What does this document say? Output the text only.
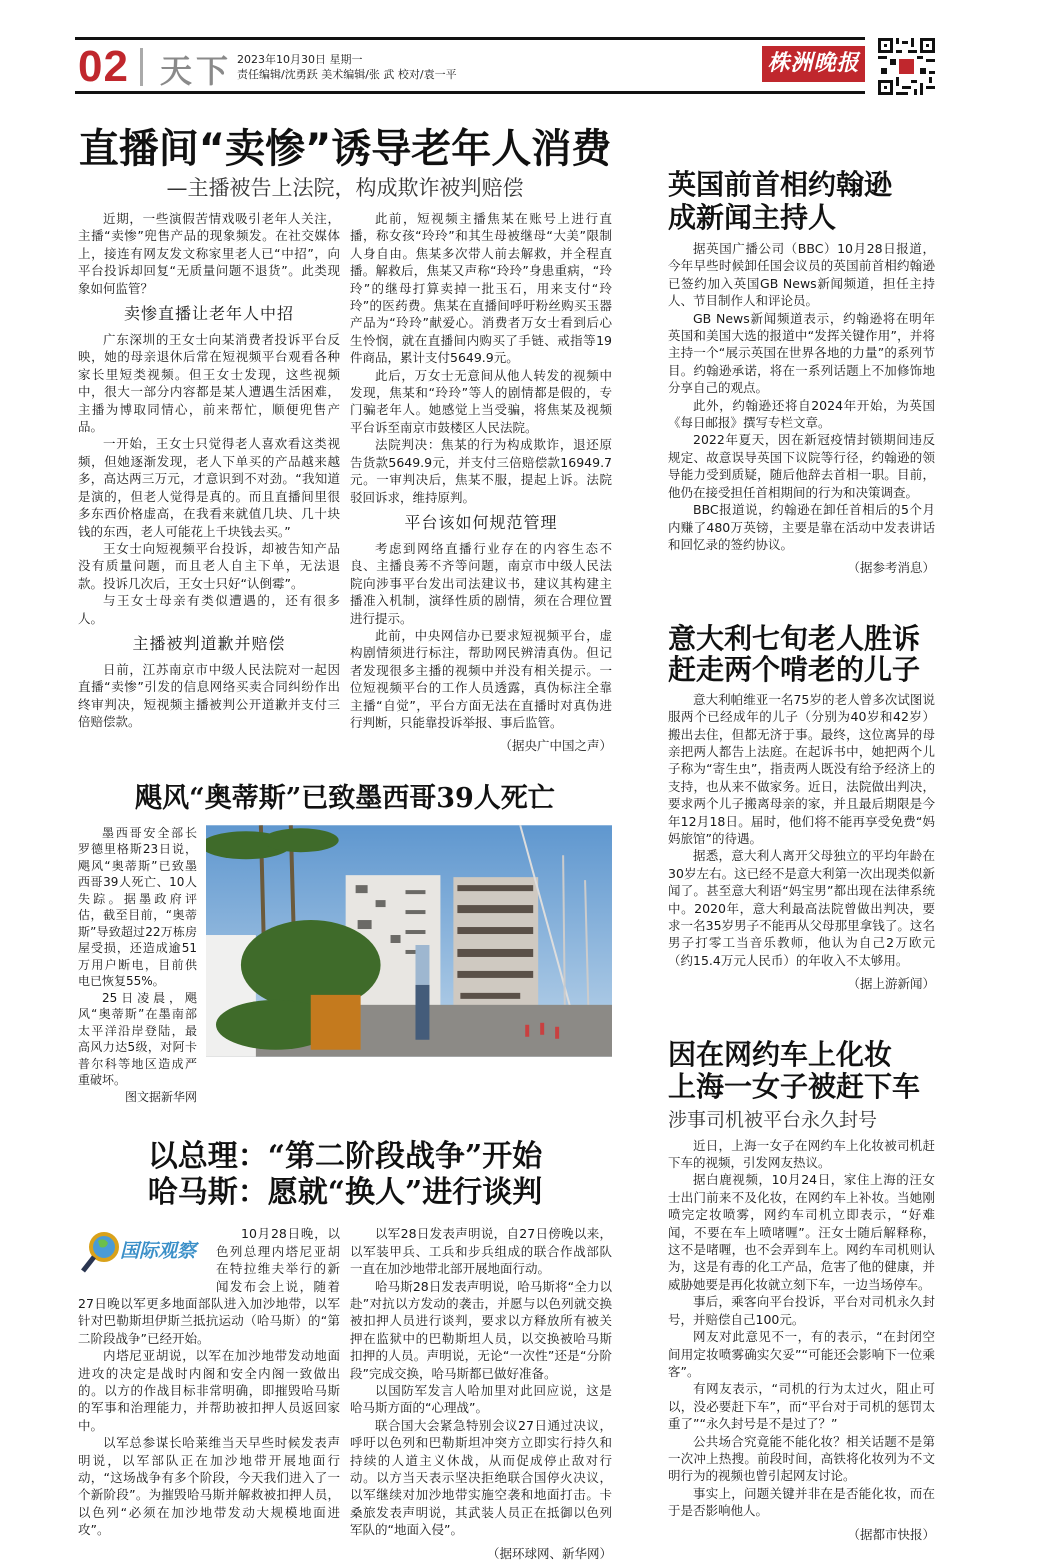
02 天下 2023年10月30日 星期一
责任编辑/沈勇跃 美术编辑/张 武 校对/袁一平	株洲晚报
直播间“卖惨”诱导老年人消费
—主播被告上法院，构成欺诈被判赔偿

近期，一些演假苦情戏吸引老年人关注，主播“卖惨”兜售产品的现象频发。在社交媒体上，接连有网友发文称家里老人已“中招”，向平台投诉却回复“无质量问题不退货”。此类现象如何监管？

卖惨直播让老年人中招

广东深圳的王女士向某消费者投诉平台反映，她的母亲退休后常在短视频平台观看各种家长里短类视频。但王女士发现，这些视频中，很大一部分内容都是某人遭遇生活困难，主播为博取同情心，前来帮忙，顺便兜售产品。

一开始，王女士只觉得老人喜欢看这类视频，但她逐渐发现，老人下单买的产品越来越多，高达两三万元，才意识到不对劲。“我知道是演的，但老人觉得是真的。而且直播间里很多东西价格虚高，在我看来就值几块、几十块钱的东西，老人可能花上千块钱去买。”

王女士向短视频平台投诉，却被告知产品没有质量问题，而且老人自主下单，无法退款。投诉几次后，王女士只好“认倒霉”。

与王女士母亲有类似遭遇的，还有很多人。

主播被判道歉并赔偿

日前，江苏南京市中级人民法院对一起因直播“卖惨”引发的信息网络买卖合同纠纷作出终审判决，短视频主播被判公开道歉并支付三倍赔偿款。

此前，短视频主播焦某在账号上进行直播，称女孩“玲玲”和其生母被继母“大美”限制人身自由。焦某多次带人前去解救，并全程直播。解救后，焦某又声称“玲玲”身患重病，“玲玲”的继母打算卖掉一批玉石，用来支付“玲玲”的医药费。焦某在直播间呼吁粉丝购买玉器产品为“玲玲”献爱心。消费者万女士看到后心生怜悯，就在直播间内购买了手链、戒指等19件商品，累计支付5649.9元。

此后，万女士无意间从他人转发的视频中发现，焦某和“玲玲”等人的剧情都是假的，专门骗老年人。她感觉上当受骗，将焦某及视频平台诉至南京市鼓楼区人民法院。

法院判决：焦某的行为构成欺诈，退还原告货款5649.9元，并支付三倍赔偿款16949.7元。一审判决后，焦某不服，提起上诉。法院驳回诉求，维持原判。

平台该如何规范管理

考虑到网络直播行业存在的内容生态不良、主播良莠不齐等问题，南京市中级人民法院向涉事平台发出司法建议书，建议其构建主播准入机制，演绎性质的剧情，须在合理位置进行提示。

此前，中央网信办已要求短视频平台，虚构剧情须进行标注，帮助网民辨清真伪。但记者发现很多主播的视频中并没有相关提示。一位短视频平台的工作人员透露，真伪标注全靠主播“自觉”，平台方面无法在直播时对真伪进行判断，只能靠投诉举报、事后监管。

（据央广中国之声）
飓风“奥蒂斯”已致墨西哥39人死亡

墨西哥安全部长罗德里格斯23日说，飓风“奥蒂斯”已致墨西哥39人死亡、10人失踪。据墨政府评估，截至目前，“奥蒂斯”导致超过22万栋房屋受损，还造成逾51万用户断电，目前供电已恢复55%。

25日凌晨，飓风“奥蒂斯”在墨南部太平洋沿岸登陆，最高风力达5级，对阿卡普尔科等地区造成严重破坏。

图文据新华网
以总理：“第二阶段战争”开始
哈马斯：愿就“换人”进行谈判
国际观察

10月28日晚，以色列总理内塔尼亚胡在特拉维夫举行的新闻发布会上说，随着27日晚以军更多地面部队进入加沙地带，以军针对巴勒斯坦伊斯兰抵抗运动（哈马斯）的“第二阶段战争”已经开始。

内塔尼亚胡说，以军在加沙地带发动地面进攻的决定是战时内阁和安全内阁一致做出的。以方的作战目标非常明确，即摧毁哈马斯的军事和治理能力，并帮助被扣押人员返回家中。

以军总参谋长哈莱维当天早些时候发表声明说，以军部队正在加沙地带开展地面行动，“这场战争有多个阶段，今天我们进入了一个新阶段”。为摧毁哈马斯并解救被扣押人员，以色列“必须在加沙地带发动大规模地面进攻”。

以军28日发表声明说，自27日傍晚以来，以军装甲兵、工兵和步兵组成的联合作战部队一直在加沙地带北部开展地面行动。

哈马斯28日发表声明说，哈马斯将“全力以赴”对抗以方发动的袭击，并愿与以色列就交换被扣押人员进行谈判，要求以方释放所有被关押在监狱中的巴勒斯坦人员，以交换被哈马斯扣押的人员。声明说，无论“一次性”还是“分阶段”完成交换，哈马斯都已做好准备。

以国防军发言人哈加里对此回应说，这是哈马斯方面的“心理战”。

联合国大会紧急特别会议27日通过决议，呼吁以色列和巴勒斯坦冲突方立即实行持久和持续的人道主义休战，从而促成停止敌对行动。以方当天表示坚决拒绝联合国停火决议，以军继续对加沙地带实施空袭和地面打击。卡桑旅发表声明说，其武装人员正在抵御以色列军队的“地面入侵”。

（据环球网、新华网）
英国前首相约翰逊
成新闻主持人

据英国广播公司（BBC）10月28日报道，今年早些时候卸任国会议员的英国前首相约翰逊已签约加入英国GB News新闻频道，担任主持人、节目制作人和评论员。

GB News新闻频道表示，约翰逊将在明年英国和美国大选的报道中“发挥关键作用”，并将主持一个“展示英国在世界各地的力量”的系列节目。约翰逊承诺，将在一系列话题上不加修饰地分享自己的观点。

此外，约翰逊还将自2024年开始，为英国《每日邮报》撰写专栏文章。

2022年夏天，因在新冠疫情封锁期间违反规定、故意误导英国下议院等行径，约翰逊的领导能力受到质疑，随后他辞去首相一职。目前，他仍在接受担任首相期间的行为和决策调查。

BBC报道说，约翰逊在卸任首相后的5个月内赚了480万英镑，主要是靠在活动中发表讲话和回忆录的签约协议。

（据参考消息）
意大利七旬老人胜诉
赶走两个啃老的儿子

意大利帕维亚一名75岁的老人曾多次试图说服两个已经成年的儿子（分别为40岁和42岁）搬出去住，但都无济于事。最终，这位离异的母亲把两人都告上法庭。在起诉书中，她把两个儿子称为“寄生虫”，指责两人既没有给予经济上的支持，也从来不做家务。近日，法院做出判决，要求两个儿子搬离母亲的家，并且最后期限是今年12月18日。届时，他们将不能再享受免费“妈妈旅馆”的待遇。

据悉，意大利人离开父母独立的平均年龄在30岁左右。这已经不是意大利第一次出现类似新闻了。甚至意大利语“妈宝男”都出现在法律系统中。2020年，意大利最高法院曾做出判决，要求一名35岁男子不能再从父母那里拿钱了。这名男子打零工当音乐教师，他认为自己2万欧元（约15.4万元人民币）的年收入不太够用。

（据上游新闻）
因在网约车上化妆
上海一女子被赶下车
涉事司机被平台永久封号

近日，上海一女子在网约车上化妆被司机赶下车的视频，引发网友热议。

据白鹿视频，10月24日，家住上海的汪女士出门前来不及化妆，在网约车上补妆。当她刚喷完定妆喷雾，网约车司机立即表示，“好难闻，不要在车上喷啫喱”。汪女士随后解释称，这不是啫喱，也不会弄到车上。网约车司机则认为，这是有毒的化工产品，危害了他的健康，并威胁她要是再化妆就立刻下车，一边当场停车。

事后，乘客向平台投诉，平台对司机永久封号，并赔偿自己100元。

网友对此意见不一，有的表示，“在封闭空间用定妆喷雾确实欠妥”“可能还会影响下一位乘客”。

有网友表示，“司机的行为太过火，阻止可以，没必要赶下车”，而“平台对于司机的惩罚太重了”“永久封号是不是过了？”

公共场合究竟能不能化妆？相关话题不是第一次冲上热搜。前段时间，高铁将化妆列为不文明行为的视频也曾引起网友讨论。

事实上，问题关键并非在是否能化妆，而在于是否影响他人。

（据都市快报）
